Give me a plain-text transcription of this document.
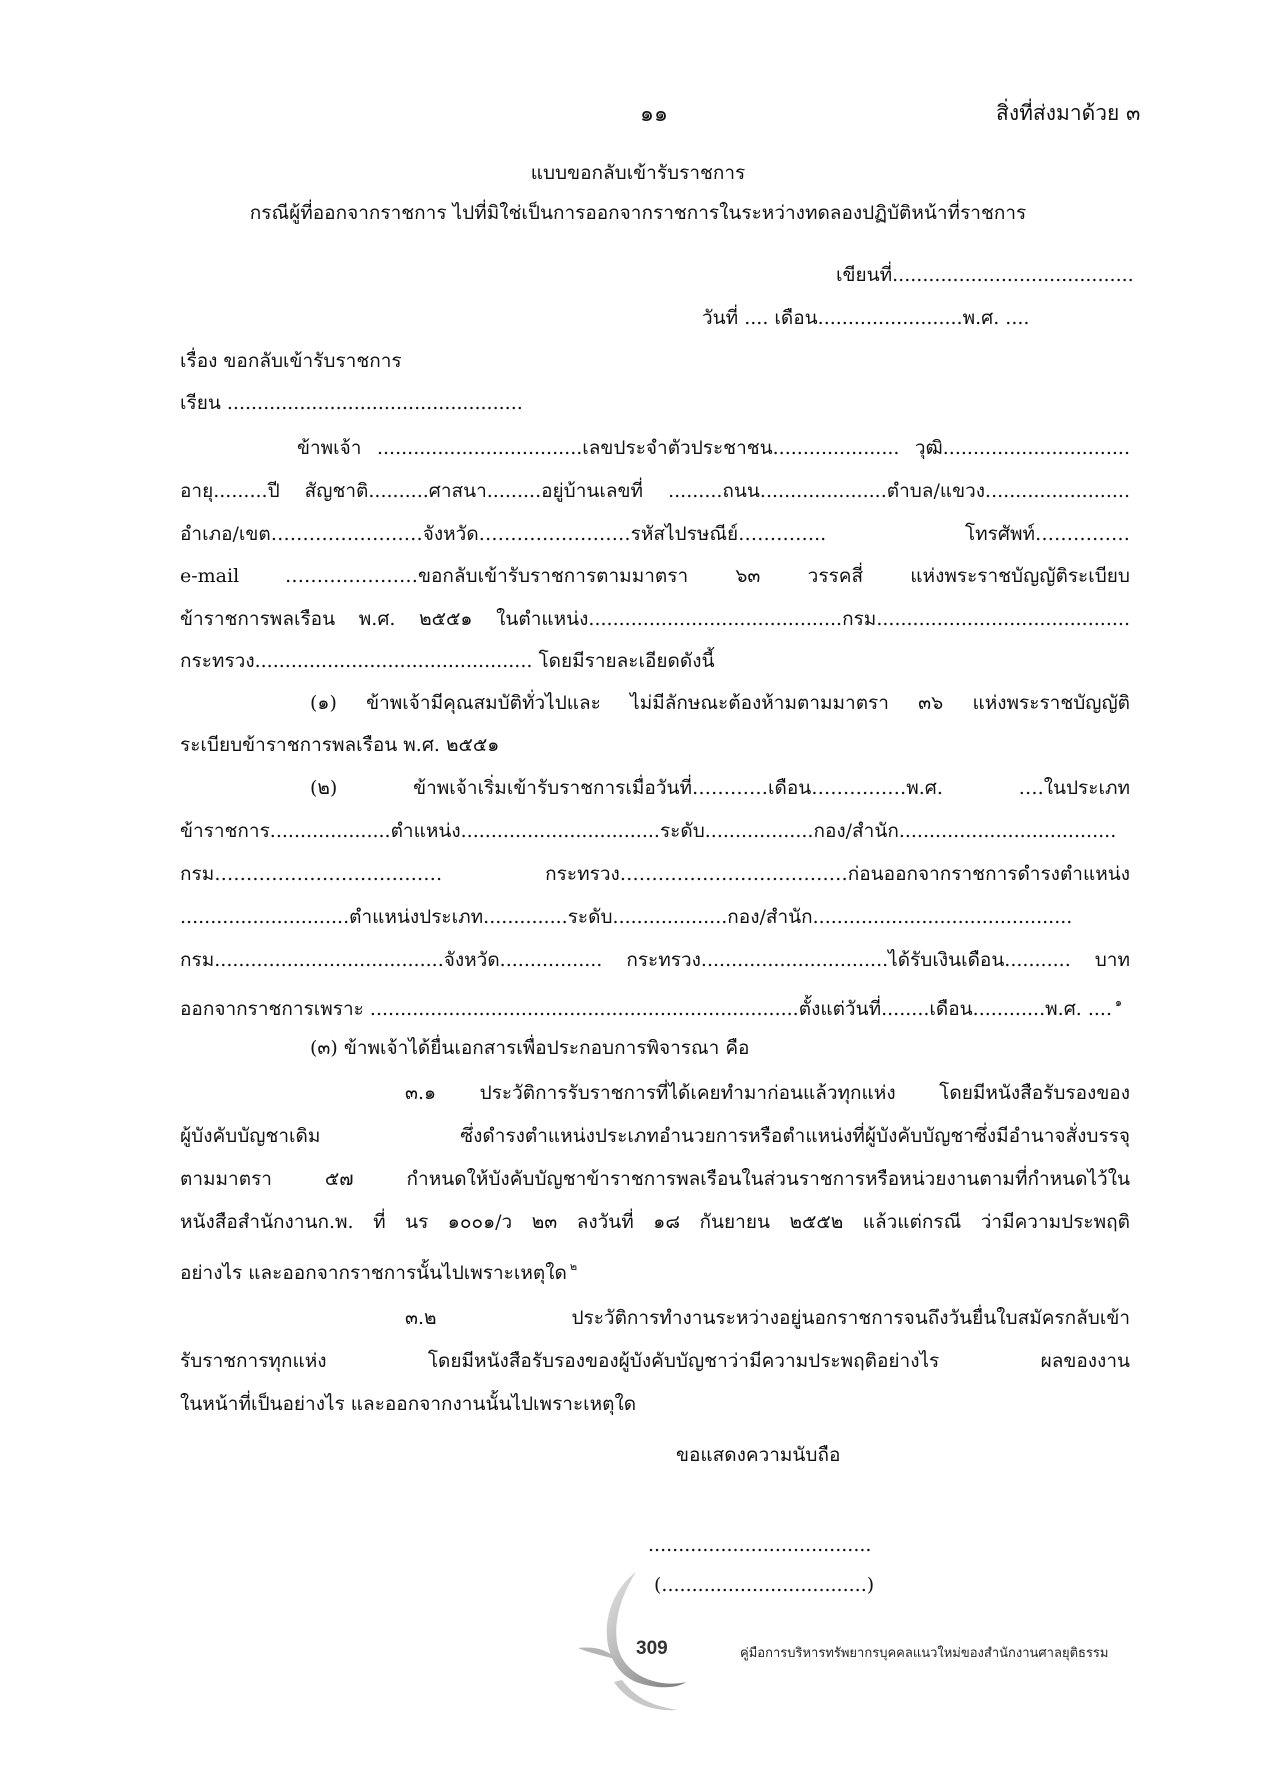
๑๑	สิ่งที่ส่งมาด้วย ๓
แบบขอกลับเข้ารับราชการ
กรณีผู้ที่ออกจากราชการ ไปที่มิใช่เป็นการออกจากราชการในระหว่างทดลองปฏิบัติหน้าที่ราชการ
เขียนที่........................................
วันที่ .... เดือน........................พ.ศ. ....
เรื่อง ขอกลับเข้ารับราชการ
เรียน .................................................
ข้าพเจ้า ..................................เลขประจำตัวประชาชน..................... วุฒิ...............................
อายุ.........ปี สัญชาติ..........ศาสนา.........อยู่บ้านเลขที่ .........ถนน.....................ตำบล/แขวง........................
อำเภอ/เขต……………………จังหวัด……………………รหัสไปรษณีย์………….. โทรศัพท์……………
e-mail …………………ขอกลับเข้ารับราชการตามมาตรา ๖๓ วรรคสี่ แห่งพระราชบัญญัติระเบียบ
ข้าราชการพลเรือน พ.ศ. ๒๕๕๑ ในตำแหน่ง..........................................กรม..........................................
กระทรวง.............................................. โดยมีรายละเอียดดังนี้
(๑) ข้าพเจ้ามีคุณสมบัติทั่วไปและ ไม่มีลักษณะต้องห้ามตามมาตรา ๓๖ แห่งพระราชบัญญัติ
ระเบียบข้าราชการพลเรือน พ.ศ. ๒๕๕๑
(๒) ข้าพเจ้าเริ่มเข้ารับราชการเมื่อวันที่…………เดือน……………พ.ศ. ….ในประเภท
ข้าราชการ....................ตำแหน่ง.................................ระดับ..................กอง/สำนัก....................................
กรม……………………………… กระทรวง………………………………ก่อนออกจากราชการดำรงตำแหน่ง
............................ตำแหน่งประเภท..............ระดับ...................กอง/สำนัก...........................................
กรม......................................จังหวัด................. กระทรวง...............................ได้รับเงินเดือน........... บาท
ออกจากราชการเพราะ .......................................................................ตั้งแต่วันที่........เดือน............พ.ศ. .... $^๑$
(๓) ข้าพเจ้าได้ยื่นเอกสารเพื่อประกอบการพิจารณา คือ
๓.๑ ประวัติการรับราชการที่ได้เคยทำมาก่อนแล้วทุกแห่ง โดยมีหนังสือรับรองของ
ผู้บังคับบัญชาเดิม ซึ่งดำรงตำแหน่งประเภทอำนวยการหรือตำแหน่งที่ผู้บังคับบัญชาซึ่งมีอำนาจสั่งบรรจุ
ตามมาตรา ๕๗ กำหนดให้บังคับบัญชาข้าราชการพลเรือนในส่วนราชการหรือหน่วยงานตามที่กำหนดไว้ใน
หนังสือสำนักงานก.พ. ที่ นร ๑๐๐๑/ว ๒๓ ลงวันที่ ๑๘ กันยายน ๒๕๕๒ แล้วแต่กรณี ว่ามีความประพฤติ
อย่างไร และออกจากราชการนั้นไปเพราะเหตุใด $^๒$
๓.๒ ประวัติการทำงานระหว่างอยู่นอกราชการจนถึงวันยื่นใบสมัครกลับเข้า
รับราชการทุกแห่ง โดยมีหนังสือรับรองของผู้บังคับบัญชาว่ามีความประพฤติอย่างไร ผลของงาน
ในหน้าที่เป็นอย่างไร และออกจากงานนั้นไปเพราะเหตุใด
ขอแสดงความนับถือ
.....................................
(..................................)
309	คู่มือการบริหารทรัพยากรบุคคลแนวใหม่ของสำนักงานศาลยุติธรรม
